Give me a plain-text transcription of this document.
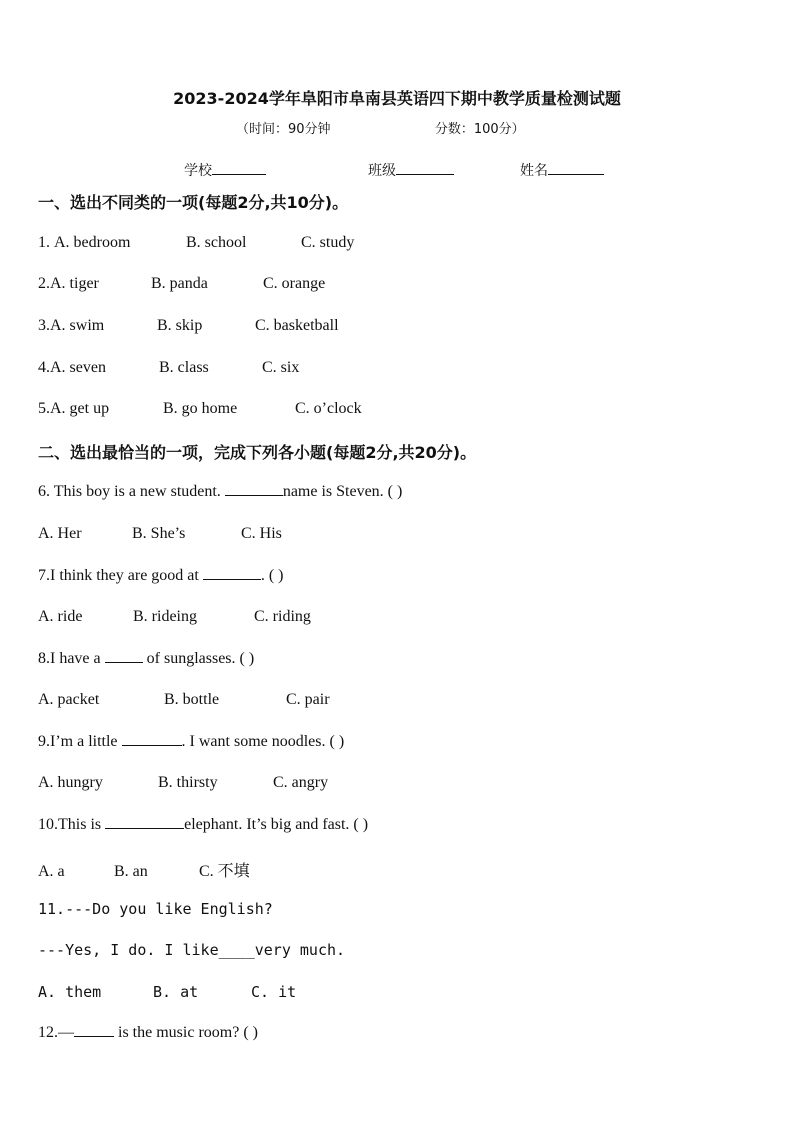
2023-2024学年阜阳市阜南县英语四下期中教学质量检测试题
（时间：90分钟	分数：100分）
学校	班级	姓名
一、选出不同类的一项(每题2分,共10分)。
1. A. bedroom	B. school	C. study
2.A. tiger	B. panda	C. orange
3.A. swim	B. skip	C. basketball
4.A. seven	B. class	C. six
5.A. get up	B. go home	C. o’clock
二、选出最恰当的一项，完成下列各小题(每题2分,共20分)。
6. This boy is a new student.	name is Steven. ( )
A. Her	B. She’s	C. His
7.I think they are good at	. ( )
A. ride	B. rideing	C. riding
8.I have a  of sunglasses. ( )
A. packet	B. bottle	C. pair
9.I’m a little	. I want some noodles. ( )
A. hungry	B. thirsty	C. angry
10.This is	elephant. It’s big and fast. ( )
A. a	B. an	C. 不填
11.---Do you like English?
---Yes, I do. I like____very much.
A. them	B. at	C. it
12.—	is the music room? ( )
